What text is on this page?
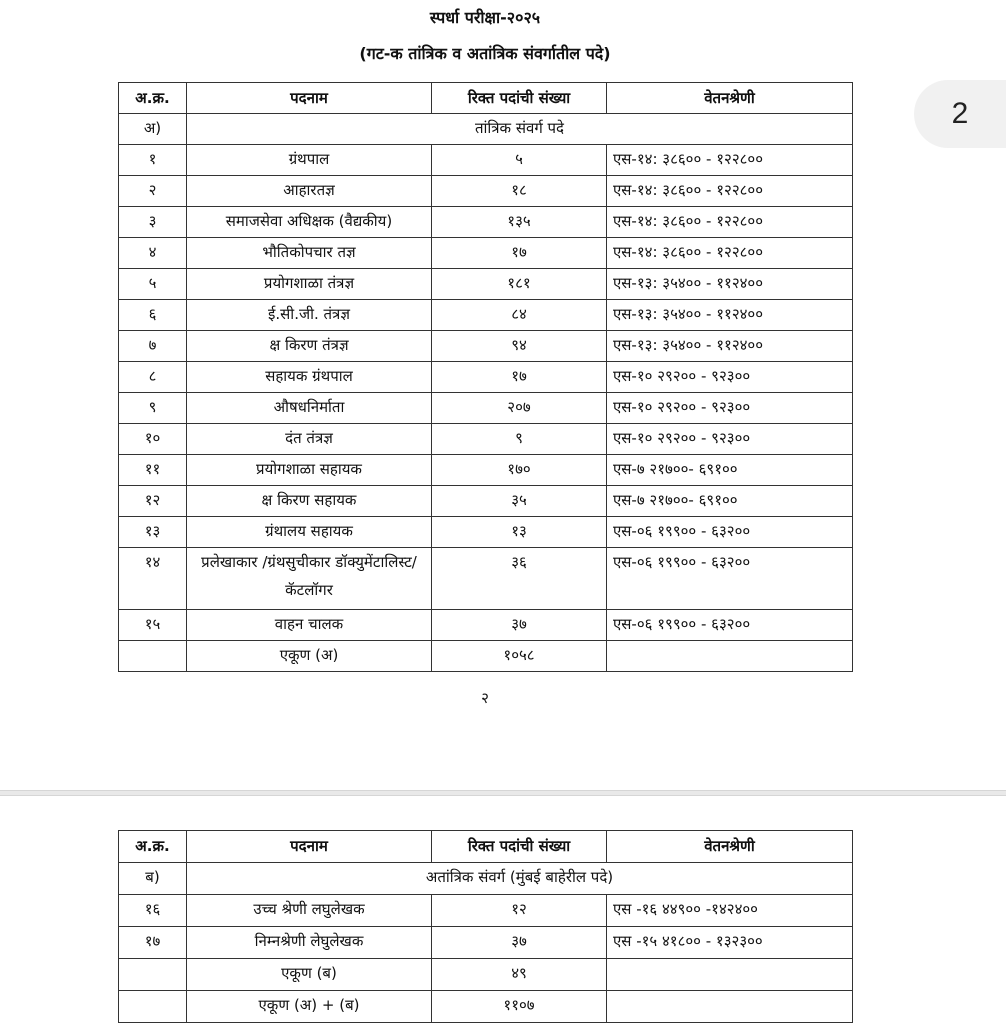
स्पर्धा परीक्षा-२०२५
(गट-क तांत्रिक व अतांत्रिक संवर्गातील पदे)
अ.क्र.	पदनाम	रिक्त पदांची संख्या	वेतनश्रेणी
अ)	तांत्रिक संवर्ग पदे		
१	ग्रंथपाल	५	एस-१४: ३८६०० - १२२८००
२	आहारतज्ञ	१८	एस-१४: ३८६०० - १२२८००
३	समाजसेवा अधिक्षक (वैद्यकीय)	१३५	एस-१४: ३८६०० - १२२८००
४	भौतिकोपचार तज्ञ	१७	एस-१४: ३८६०० - १२२८००
५	प्रयोगशाळा तंत्रज्ञ	१८१	एस-१३: ३५४०० - ११२४००
६	ई.सी.जी. तंत्रज्ञ	८४	एस-१३: ३५४०० - ११२४००
७	क्ष किरण तंत्रज्ञ	९४	एस-१३: ३५४०० - ११२४००
८	सहायक ग्रंथपाल	१७	एस-१० २९२०० - ९२३००
९	औषधनिर्माता	२०७	एस-१० २९२०० - ९२३००
१०	दंत तंत्रज्ञ	९	एस-१० २९२०० - ९२३००
११	प्रयोगशाळा सहायक	१७०	एस-७ २१७००- ६९१००
१२	क्ष किरण सहायक	३५	एस-७ २१७००- ६९१००
१३	ग्रंथालय सहायक	१३	एस-०६ १९९०० - ६३२००
१४	प्रलेखाकार /ग्रंथसुचीकार डॉक्युमेंटालिस्ट/कॅटलॉगर	३६	एस-०६ १९९०० - ६३२००
१५	वाहन चालक	३७	एस-०६ १९९०० - ६३२००
	एकूण (अ)	१०५८	
२
2
अ.क्र.	पदनाम	रिक्त पदांची संख्या	वेतनश्रेणी
ब)	अतांत्रिक संवर्ग (मुंबई बाहेरील पदे)		
१६	उच्च श्रेणी लघुलेखक	१२	एस -१६ ४४९०० -१४२४००
१७	निम्नश्रेणी लेघुलेखक	३७	एस -१५ ४१८०० - १३२३००
	एकूण (ब)	४९	
	एकूण (अ) + (ब)	११०७	
